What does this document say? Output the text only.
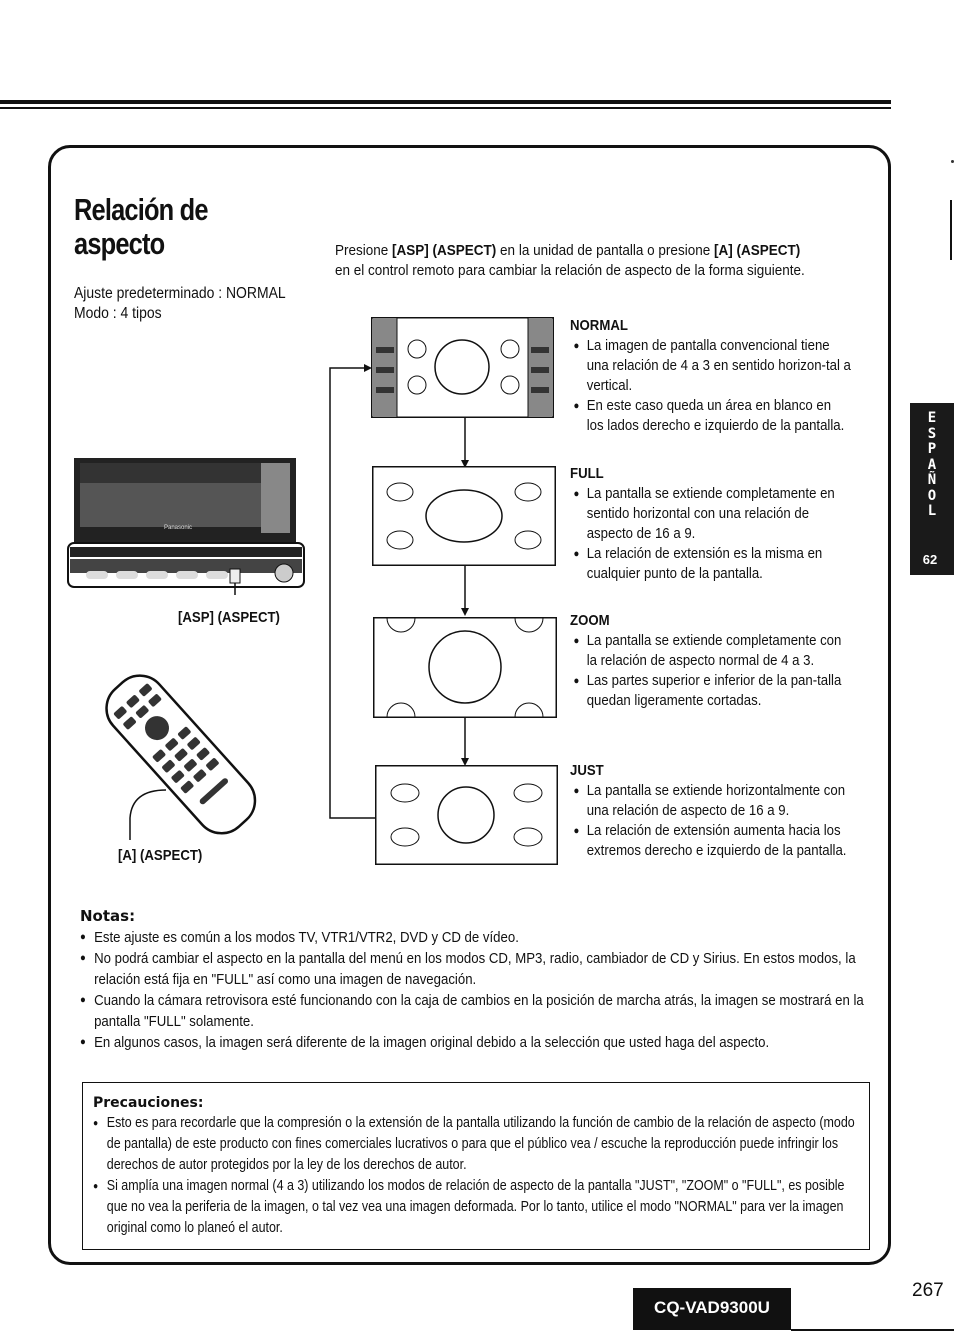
Relación de
aspecto	Presione [ASP] (ASPECT) en la unidad de pantalla o presione [A] (ASPECT)
en el control remoto para cambiar la relación de aspecto de la forma siguiente.
Ajuste predeterminado : NORMAL
Modo : 4 tipos
Panasonic
[ASP] (ASPECT)
[A] (ASPECT)
NORMAL
● La imagen de pantalla convencional tiene una relación de 4 a 3 en sentido horizon-tal a vertical.
● En este caso queda un área en blanco en los lados derecho e izquierdo de la pantalla.
FULL
● La pantalla se extiende completamente en sentido horizontal con una relación de aspecto de 16 a 9.
● La relación de extensión es la misma en cualquier punto de la pantalla.
ZOOM
● La pantalla se extiende completamente con la relación de aspecto normal de 4 a 3.
● Las partes superior e inferior de la pan-talla quedan ligeramente cortadas.
JUST
● La pantalla se extiende horizontalmente con una relación de aspecto de 16 a 9.
● La relación de extensión aumenta hacia los extremos derecho e izquierdo de la pantalla.
Notas:
● Este ajuste es común a los modos TV, VTR1/VTR2, DVD y CD de vídeo.
● No podrá cambiar el aspecto en la pantalla del menú en los modos CD, MP3, radio, cambiador de CD y Sirius. En estos modos, la relación está fija en "FULL" así como una imagen de navegación.
● Cuando la cámara retrovisora esté funcionando con la caja de cambios en la posición de marcha atrás, la imagen se mostrará en la pantalla "FULL" solamente.
● En algunos casos, la imagen será diferente de la imagen original debido a la selección que usted haga del aspecto.
Precauciones:
● Esto es para recordarle que la compresión o la extensión de la pantalla utilizando la función de cambio de la relación de aspecto (modo de pantalla) de este producto con fines comerciales lucrativos o para que el público vea / escuche la reproducción puede infringir los derechos de autor protegidos por la ley de los derechos de autor.
● Si amplía una imagen normal (4 a 3) utilizando los modos de relación de aspecto de la pantalla "JUST", "ZOOM" o "FULL", es posible que no vea la periferia de la imagen, o tal vez vea una imagen deformada. Por lo tanto, utilice el modo "NORMAL" para ver la imagen original como lo planeó el autor.
E
S
P
A
Ñ
O
L
62
267
CQ-VAD9300U
